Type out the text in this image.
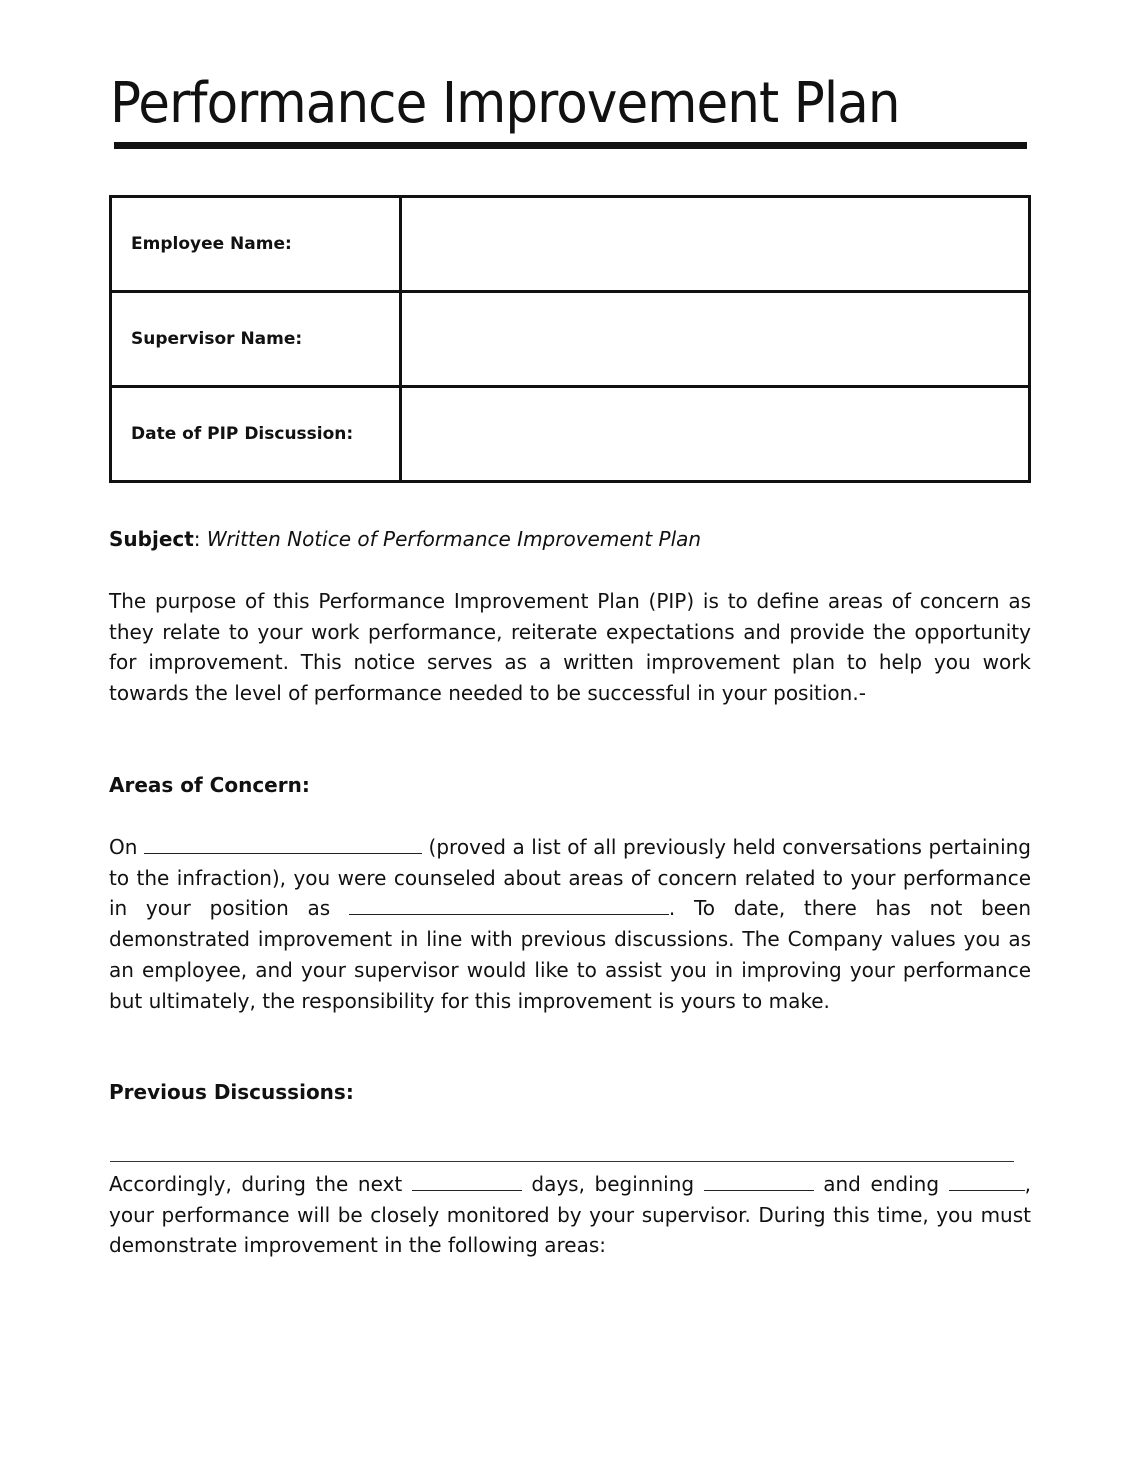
Performance Improvement Plan
Employee Name:	

Supervisor Name:	

Date of PIP Discussion:	

Subject: Written Notice of Performance Improvement Plan

The purpose of this Performance Improvement Plan (PIP) is to define areas of concern as they relate to your work performance, reiterate expectations and provide the opportunity for improvement. This notice serves as a written improvement plan to help you work towards the level of performance needed to be successful in your position.-

Areas of Concern:

On	(proved a list of all previously held conversations pertaining to the infraction), you were counseled about areas of concern related to your performance in your position as	. To date, there has not been demonstrated improvement in line with previous discussions. The Company values you as an employee, and your supervisor would like to assist you in improving your performance but ultimately, the responsibility for this improvement is yours to make.

Previous Discussions:

Accordingly, during the next	days, beginning	and ending	, your performance will be closely monitored by your supervisor. During this time, you must demonstrate improvement in the following areas:
